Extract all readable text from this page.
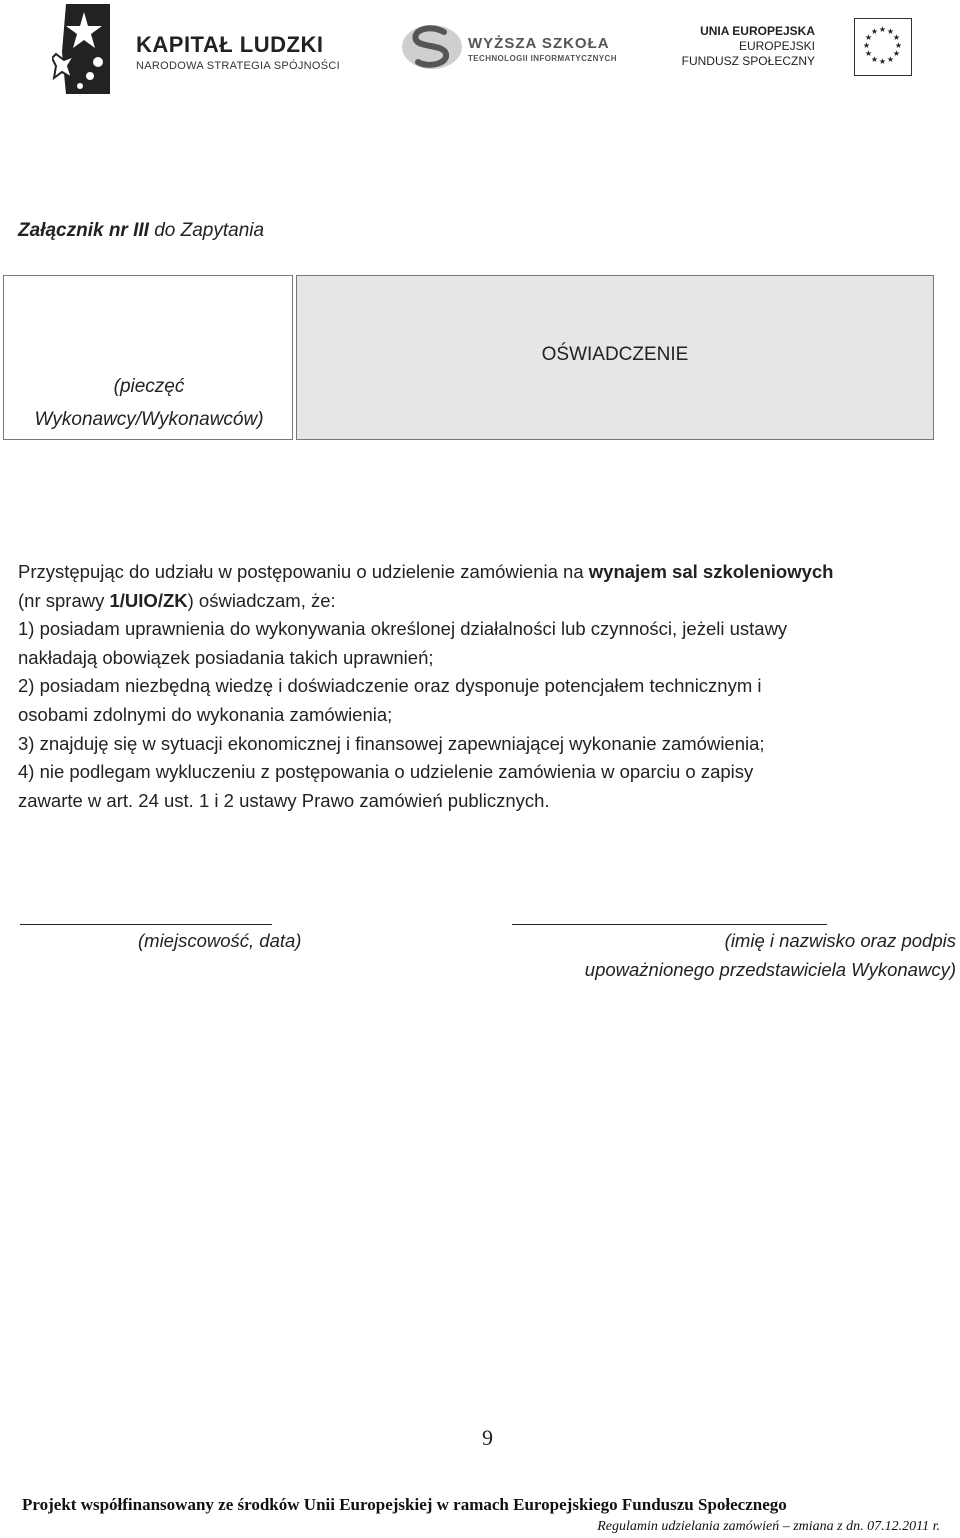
KAPITAŁ LUDZKI
NARODOWA STRATEGIA SPÓJNOŚCI
WYŻSZA SZKOŁA
TECHNOLOGII INFORMATYCZNYCH
UNIA EUROPEJSKA
EUROPEJSKI
FUNDUSZ SPOŁECZNY
★ ★
★
★
★
★
★
★
★
★
★
★
Załącznik nr III do Zapytania
(pieczęć
Wykonawcy/Wykonawców)
OŚWIADCZENIE

Przystępując do udziału w postępowaniu o udzielenie zamówienia na wynajem sal szkoleniowych

(nr sprawy 1/UIO/ZK) oświadczam, że:

1) posiadam uprawnienia do wykonywania określonej działalności lub czynności, jeżeli ustawy

nakładają obowiązek posiadania takich uprawnień;

2) posiadam niezbędną wiedzę i doświadczenie oraz dysponuje potencjałem technicznym i

osobami zdolnymi do wykonania zamówienia;

3) znajduję się w sytuacji ekonomicznej i finansowej zapewniającej wykonanie zamówienia;

4) nie podlegam wykluczeniu z postępowania o udzielenie zamówienia w oparciu o zapisy

zawarte w art. 24 ust. 1 i 2 ustawy Prawo zamówień publicznych.

(miejscowość, data)	(imię i nazwisko oraz podpis
upoważnionego przedstawiciela Wykonawcy)
9
Projekt współfinansowany ze środków Unii Europejskiej w ramach Europejskiego Funduszu Społecznego
Regulamin udzielania zamówień – zmiana z dn. 07.12.2011 r.
